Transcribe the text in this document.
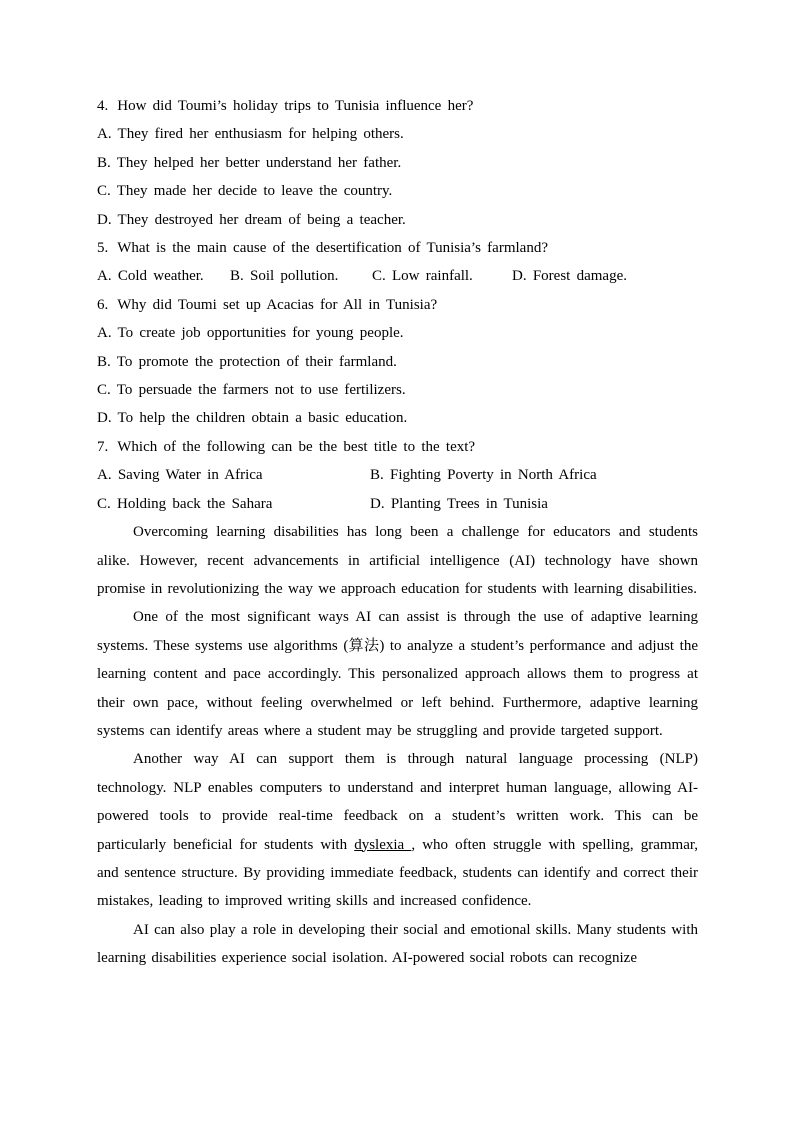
4. How did Toumi’s holiday trips to Tunisia influence her?

A. They fired her enthusiasm for helping others.

B. They helped her better understand her father.

C. They made her decide to leave the country.

D. They destroyed her dream of being a teacher.

5. What is the main cause of the desertification of Tunisia’s farmland?

A. Cold weather.	B. Soil pollution.	C. Low rainfall.	D. Forest damage.

6. Why did Toumi set up Acacias for All in Tunisia?

A. To create job opportunities for young people.

B. To promote the protection of their farmland.

C. To persuade the farmers not to use fertilizers.

D. To help the children obtain a basic education.

7. Which of the following can be the best title to the text?

A. Saving Water in Africa	B. Fighting Poverty in North Africa

C. Holding back the Sahara	D. Planting Trees in Tunisia

Overcoming learning disabilities has long been a challenge for educators and students alike. However, recent advancements in artificial intelligence (AI) technology have shown promise in revolutionizing the way we approach education for students with learning disabilities.

One of the most significant ways AI can assist is through the use of adaptive learning systems. These systems use algorithms (算法) to analyze a student’s performance and adjust the learning content and pace accordingly. This personalized approach allows them to progress at their own pace, without feeling overwhelmed or left behind. Furthermore, adaptive learning systems can identify areas where a student may be struggling and provide targeted support.

Another way AI can support them is through natural language processing (NLP) technology. NLP enables computers to understand and interpret human language, allowing AI-powered tools to provide real-time feedback on a student’s written work. This can be particularly beneficial for students with dyslexia , who often struggle with spelling, grammar, and sentence structure. By providing immediate feedback, students can identify and correct their mistakes, leading to improved writing skills and increased confidence.

AI can also play a role in developing their social and emotional skills. Many students with learning disabilities experience social isolation. AI-powered social robots can recognize
